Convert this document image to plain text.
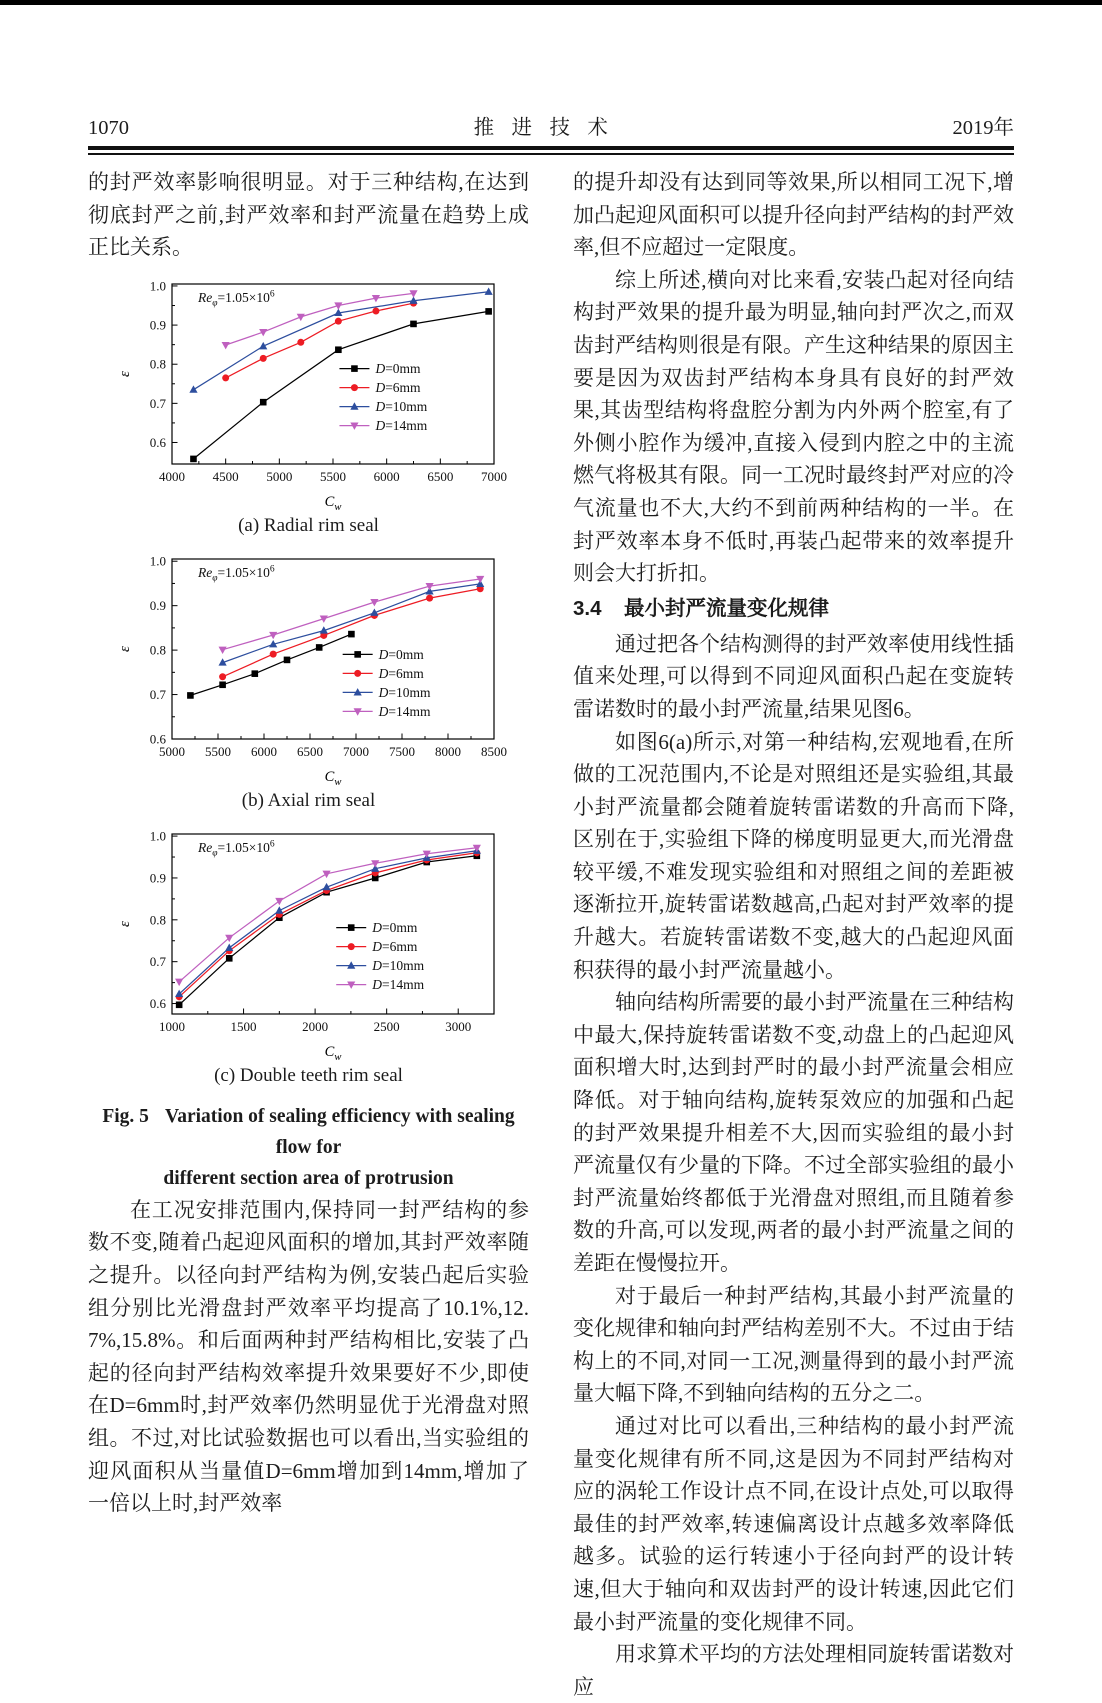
1070	推进技术	2019年

的封严效率影响很明显。对于三种结构,在达到彻底封严之前,封严效率和封严流量在趋势上成正比关系。

4000 4500 5000 5500 6000 6500 7000
0.6
0.7
0.8
0.9
1.0
ε
$C_w$
$Re_\varphi=1.05\times 10^6$
D=0mm
D=6mm
D=10mm
D=14mm
(a) Radial rim seal
5000 5500 6000 6500 7000 7500 8000 8500
0.6
0.7
0.8
0.9
1.0
ε
$C_w$
$Re_\varphi=1.05\times 10^6$
D=0mm
D=6mm
D=10mm
D=14mm
(b) Axial rim seal
1000	1500	2000	2500	3000
0.6
0.7
0.8
0.9
1.0
ε
$C_w$
$Re_\varphi=1.05\times 10^6$
D=0mm
D=6mm
D=10mm
D=14mm
(c) Double teeth rim seal
Fig. 5 Variation of sealing efficiency with sealing flow for
different section area of protrusion

在工况安排范围内,保持同一封严结构的参数不变,随着凸起迎风面积的增加,其封严效率随之提升。以径向封严结构为例,安装凸起后实验组分别比光滑盘封严效率平均提高了10.1%,12.7%,15.8%。和后面两种封严结构相比,安装了凸起的径向封严结构效率提升效果要好不少,即使在D=6mm时,封严效率仍然明显优于光滑盘对照组。不过,对比试验数据也可以看出,当实验组的迎风面积从当量值D=6mm增加到14mm,增加了一倍以上时,封严效率

的提升却没有达到同等效果,所以相同工况下,增加凸起迎风面积可以提升径向封严结构的封严效率,但不应超过一定限度。

综上所述,横向对比来看,安装凸起对径向结构封严效果的提升最为明显,轴向封严次之,而双齿封严结构则很是有限。产生这种结果的原因主要是因为双齿封严结构本身具有良好的封严效果,其齿型结构将盘腔分割为内外两个腔室,有了外侧小腔作为缓冲,直接入侵到内腔之中的主流燃气将极其有限。同一工况时最终封严对应的冷气流量也不大,大约不到前两种结构的一半。在封严效率本身不低时,再装凸起带来的效率提升则会大打折扣。

3.4 最小封严流量变化规律

通过把各个结构测得的封严效率使用线性插值来处理,可以得到不同迎风面积凸起在变旋转雷诺数时的最小封严流量,结果见图6。

如图6(a)所示,对第一种结构,宏观地看,在所做的工况范围内,不论是对照组还是实验组,其最小封严流量都会随着旋转雷诺数的升高而下降,区别在于,实验组下降的梯度明显更大,而光滑盘较平缓,不难发现实验组和对照组之间的差距被逐渐拉开,旋转雷诺数越高,凸起对封严效率的提升越大。若旋转雷诺数不变,越大的凸起迎风面积获得的最小封严流量越小。

轴向结构所需要的最小封严流量在三种结构中最大,保持旋转雷诺数不变,动盘上的凸起迎风面积增大时,达到封严时的最小封严流量会相应降低。对于轴向结构,旋转泵效应的加强和凸起的封严效果提升相差不大,因而实验组的最小封严流量仅有少量的下降。不过全部实验组的最小封严流量始终都低于光滑盘对照组,而且随着参数的升高,可以发现,两者的最小封严流量之间的差距在慢慢拉开。

对于最后一种封严结构,其最小封严流量的变化规律和轴向封严结构差别不大。不过由于结构上的不同,对同一工况,测量得到的最小封严流量大幅下降,不到轴向结构的五分之二。

通过对比可以看出,三种结构的最小封严流量变化规律有所不同,这是因为不同封严结构对应的涡轮工作设计点不同,在设计点处,可以取得最佳的封严效率,转速偏离设计点越多效率降低越多。试验的运行转速小于径向封严的设计转速,但大于轴向和双齿封严的设计转速,因此它们最小封严流量的变化规律不同。

用求算术平均的方法处理相同旋转雷诺数对应
